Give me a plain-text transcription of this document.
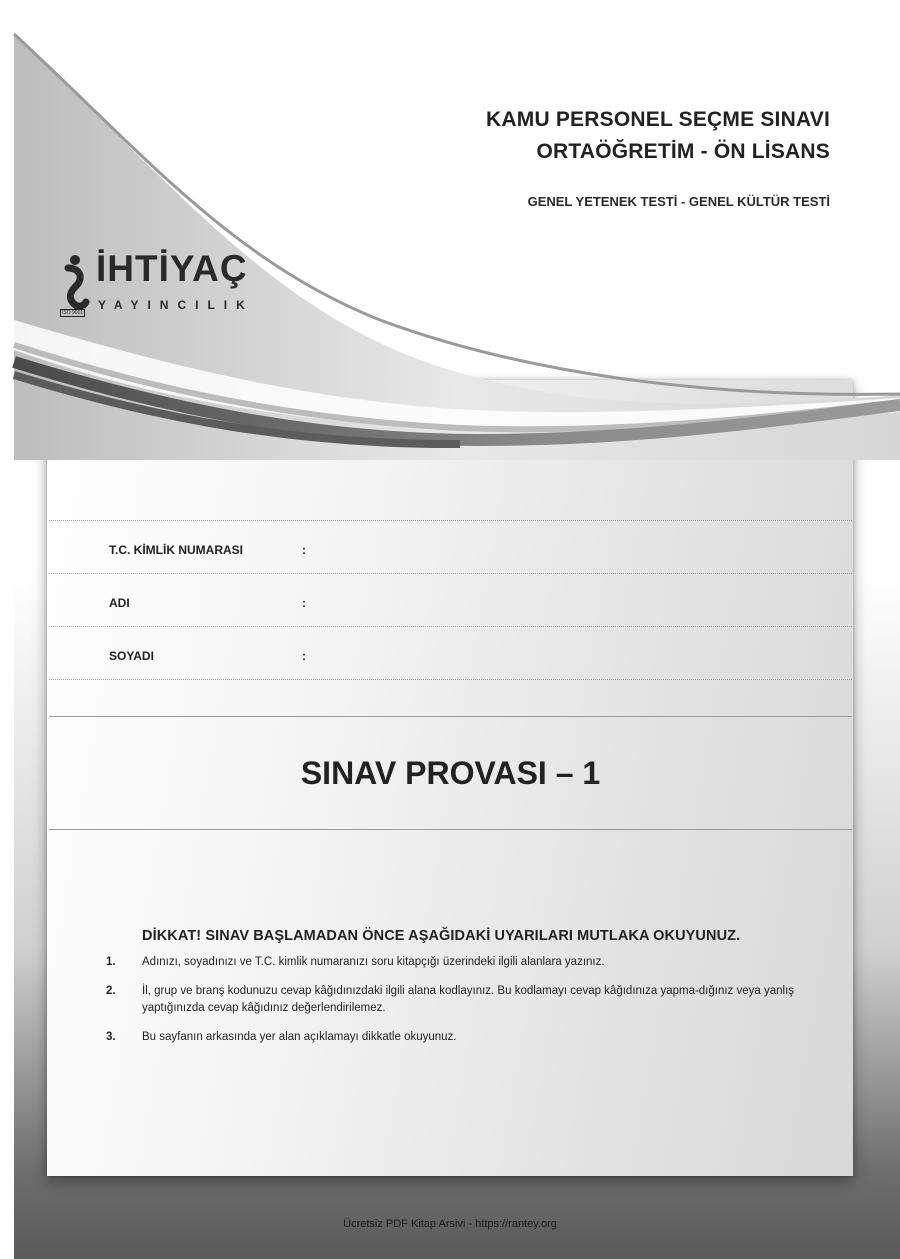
KAMU PERSONEL SEÇME SINAVI
ORTAÖĞRETİM - ÖN LİSANS
GENEL YETENEK TESTİ - GENEL KÜLTÜR TESTİ
İHTİYAÇ
YAYINCILIK
ISO 9001
T.C. KİMLİK NUMARASI	:
ADI	:
SOYADI	:
SINAV PROVASI – 1
DİKKAT! SINAV BAŞLAMADAN ÖNCE AŞAĞIDAKİ UYARILARI MUTLAKA OKUYUNUZ.
1. Adınızı, soyadınızı ve T.C. kimlik numaranızı soru kitapçığı üzerindeki ilgili alanlara yazınız.
2. İl, grup ve branş kodunuzu cevap kâğıdınızdaki ilgili alana kodlayınız. Bu kodlamayı cevap kâğıdınıza yapma-dığınız veya yanlış yaptığınızda cevap kâğıdınız değerlendirilemez.
3. Bu sayfanın arkasında yer alan açıklamayı dikkatle okuyunuz.
Ücretsiz PDF Kitap Arsivi - https://rantey.org
